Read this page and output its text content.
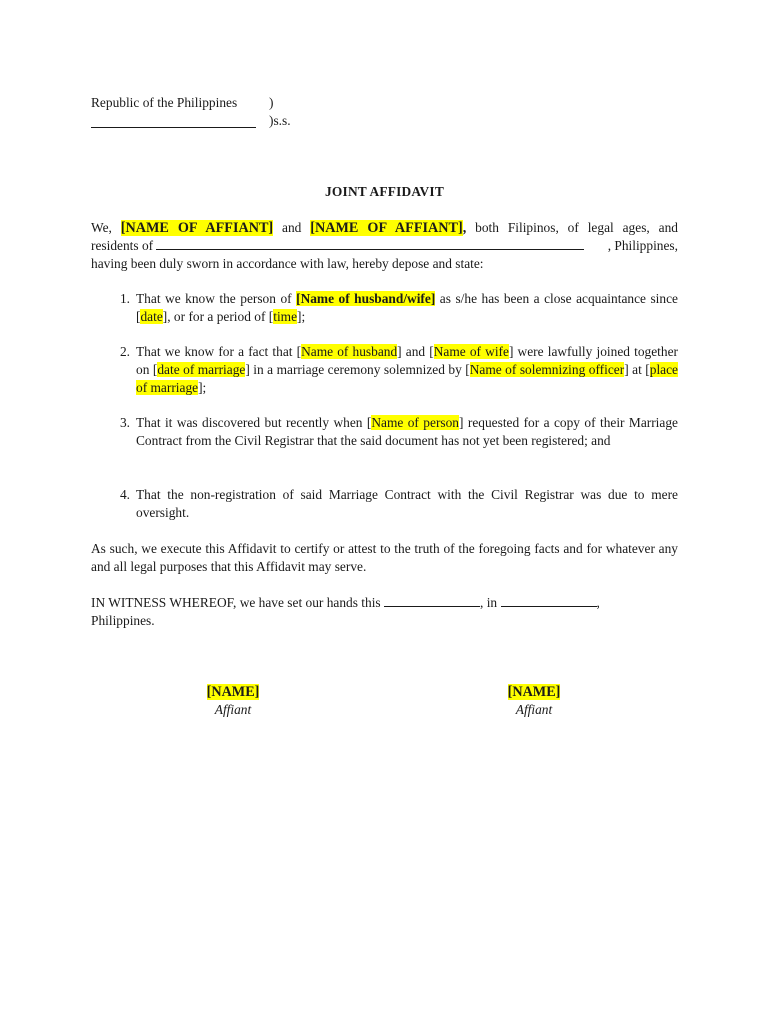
Republic of the Philippines )
)s.s.
JOINT AFFIDAVIT
We, [NAME OF AFFIANT] and [NAME OF AFFIANT], both Filipinos, of legal ages, and
residents of	, Philippines,
having been duly sworn in accordance with law, hereby depose and state:
1. That we know the person of [Name of husband/wife] as s/he has been a close acquaintance since [date], or for a period of [time];
2. That we know for a fact that [Name of husband] and [Name of wife] were lawfully joined together on [date of marriage] in a marriage ceremony solemnized by [Name of solemnizing officer] at [place of marriage];
3. That it was discovered but recently when [Name of person] requested for a copy of their Marriage Contract from the Civil Registrar that the said document has not yet been registered; and
4. That the non-registration of said Marriage Contract with the Civil Registrar was due to mere oversight.
As such, we execute this Affidavit to certify or attest to the truth of the foregoing facts and for whatever any and all legal purposes that this Affidavit may serve.
IN WITNESS WHEREOF, we have set our hands this	, in	,
Philippines.
[NAME]
Affiant
[NAME]
Affiant
